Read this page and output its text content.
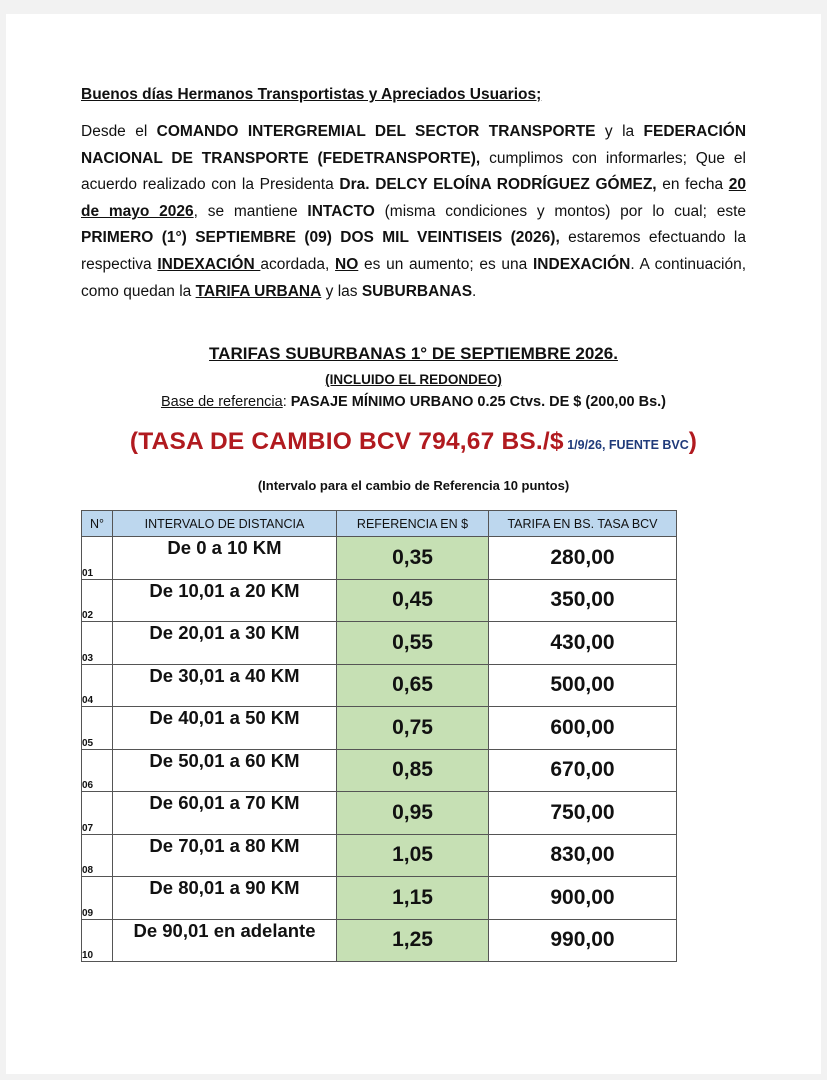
Buenos días Hermanos Transportistas y Apreciados Usuarios;
Desde el COMANDO INTERGREMIAL DEL SECTOR TRANSPORTE y la FEDERACIÓN NACIONAL DE TRANSPORTE (FEDETRANSPORTE), cumplimos con informarles; Que el acuerdo realizado con la Presidenta Dra. DELCY ELOÍNA RODRÍGUEZ GÓMEZ, en fecha 20 de mayo 2026, se mantiene INTACTO (misma condiciones y montos) por lo cual; este PRIMERO (1°) SEPTIEMBRE (09) DOS MIL VEINTISEIS (2026), estaremos efectuando la respectiva INDEXACIÓN acordada, NO es un aumento; es una INDEXACIÓN. A continuación, como quedan la TARIFA URBANA y las SUBURBANAS.
TARIFAS SUBURBANAS 1° DE SEPTIEMBRE 2026.
(INCLUIDO EL REDONDEO)
Base de referencia: PASAJE MÍNIMO URBANO 0.25 Ctvs. DE $ (200,00 Bs.)
(TASA DE CAMBIO BCV 794,67 BS./$ 1/9/26, FUENTE BVC)
(Intervalo para el cambio de Referencia 10 puntos)
N°	INTERVALO DE DISTANCIA	REFERENCIA EN $	TARIFA EN BS. TASA BCV
01	De 0 a 10 KM	0,35	280,00
02	De 10,01 a 20 KM	0,45	350,00
03	De 20,01 a 30 KM	0,55	430,00
04	De 30,01 a 40 KM	0,65	500,00
05	De 40,01 a 50 KM	0,75	600,00
06	De 50,01 a 60 KM	0,85	670,00
07	De 60,01 a 70 KM	0,95	750,00
08	De 70,01 a 80 KM	1,05	830,00
09	De 80,01 a 90 KM	1,15	900,00
10	De 90,01 en adelante	1,25	990,00
